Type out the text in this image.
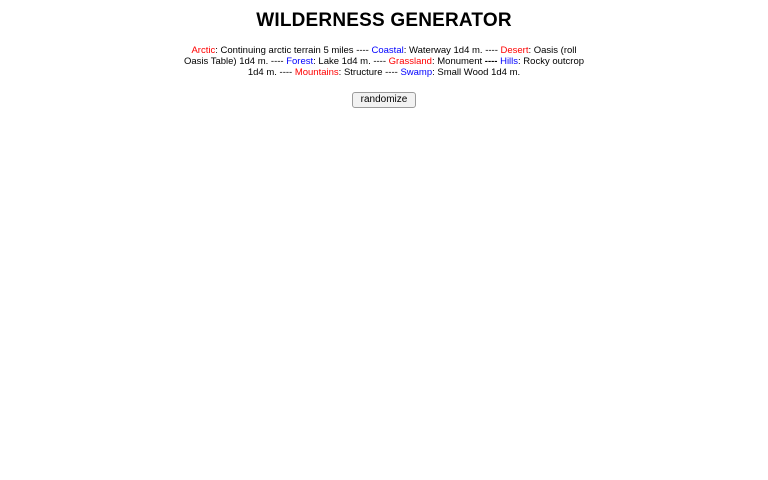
WILDERNESS GENERATOR
Arctic: Continuing arctic terrain 5 miles ---- Coastal: Waterway 1d4 m. ---- Desert: Oasis (roll
Oasis Table) 1d4 m. ---- Forest: Lake 1d4 m. ---- Grassland: Monument ---- Hills: Rocky outcrop
1d4 m. ---- Mountains: Structure ---- Swamp: Small Wood 1d4 m.
randomize
